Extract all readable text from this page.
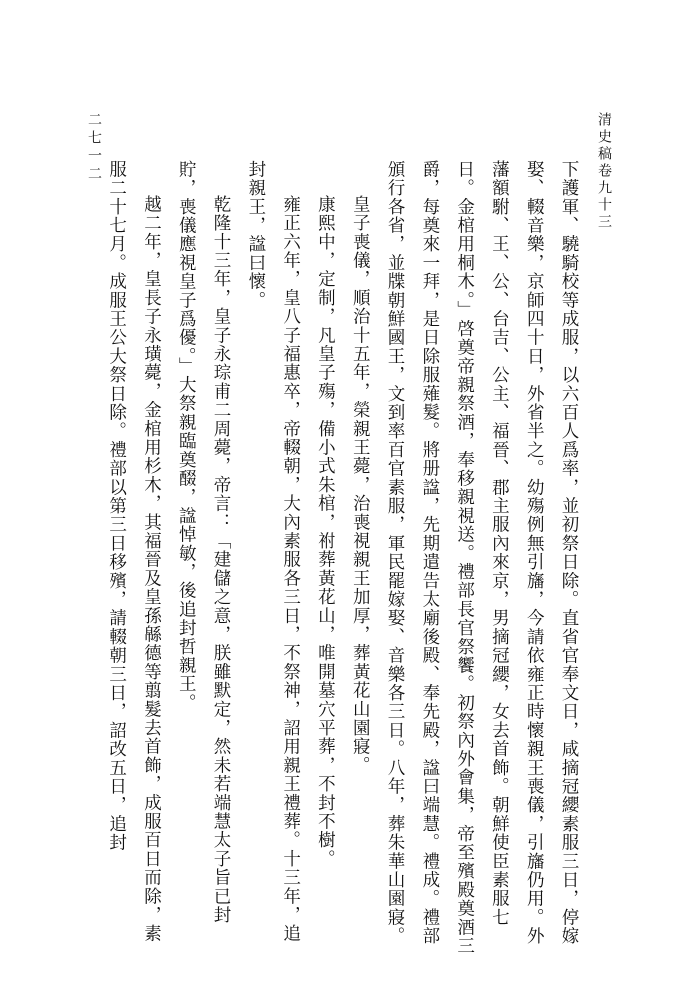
清史稿卷九十三
二七一二

下護軍、驍騎校等成服，以六百人爲率，並初祭日除。直省官奉文日，咸摘冠纓素服三日，停嫁娶、輟音樂，京師四十日，外省半之。幼殤例無引旛，今請依雍正時懷親王喪儀，引旛仍用。外藩額駙、王、公、台吉、公主、福晉、郡主服內來京，男摘冠纓，女去首飾。朝鮮使臣素服七日。金棺用桐木。」啓奠帝親祭酒，奉移親視送。禮部長官祭饗。初祭內外會集，帝至殯殿奠酒三爵，每奠來一拜，是日除服薙髮。將册諡，先期遣告太廟後殿、奉先殿，諡曰端慧。禮成。禮部頒行各省，並牒朝鮮國王，文到率百官素服，軍民罷嫁娶、音樂各三日。八年，葬朱華山園寢。

皇子喪儀，順治十五年，榮親王薨，治喪視親王加厚，葬黃花山園寢。

康熙中，定制，凡皇子殤，備小式朱棺，祔葬黃花山，唯開墓穴平葬，不封不樹。

雍正六年，皇八子福惠卒，帝輟朝，大內素服各三日，不祭神，詔用親王禮葬。十三年，追封親王，諡曰懷。

乾隆十三年，皇子永琮甫二周薨，帝言：「建儲之意，朕雖默定，然未若端慧太子旨已封貯，喪儀應視皇子爲優。」大祭親臨奠醊，諡悼敏，後追封哲親王。

越二年，皇長子永璜薨，金棺用杉木，其福晉及皇孫緜德等翦髮去首飾，成服百日而除，素服二十七月。成服王公大祭日除。禮部以第三日移殯，請輟朝三日，詔改五日，追封
